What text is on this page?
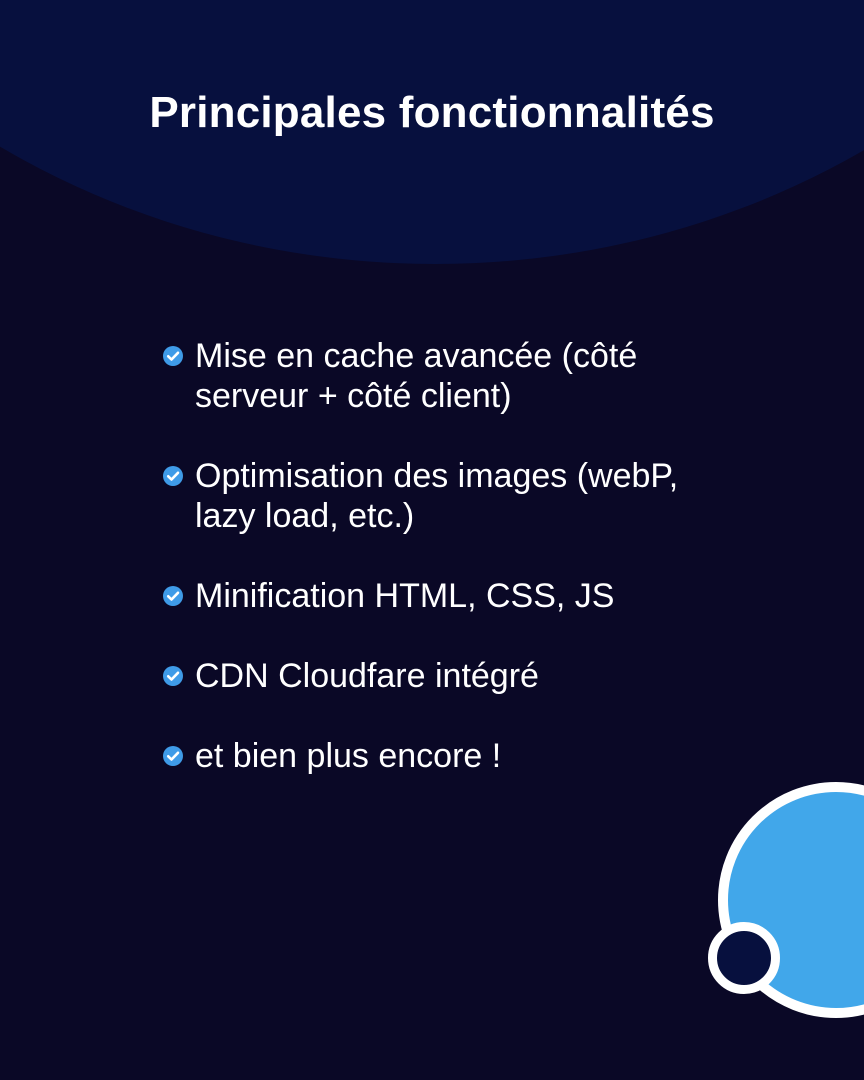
Principales fonctionnalités
Mise en cache avancée (côté
serveur + côté client)
Optimisation des images (webP,
lazy load, etc.)
Minification HTML, CSS, JS
CDN Cloudfare intégré
et bien plus encore !
